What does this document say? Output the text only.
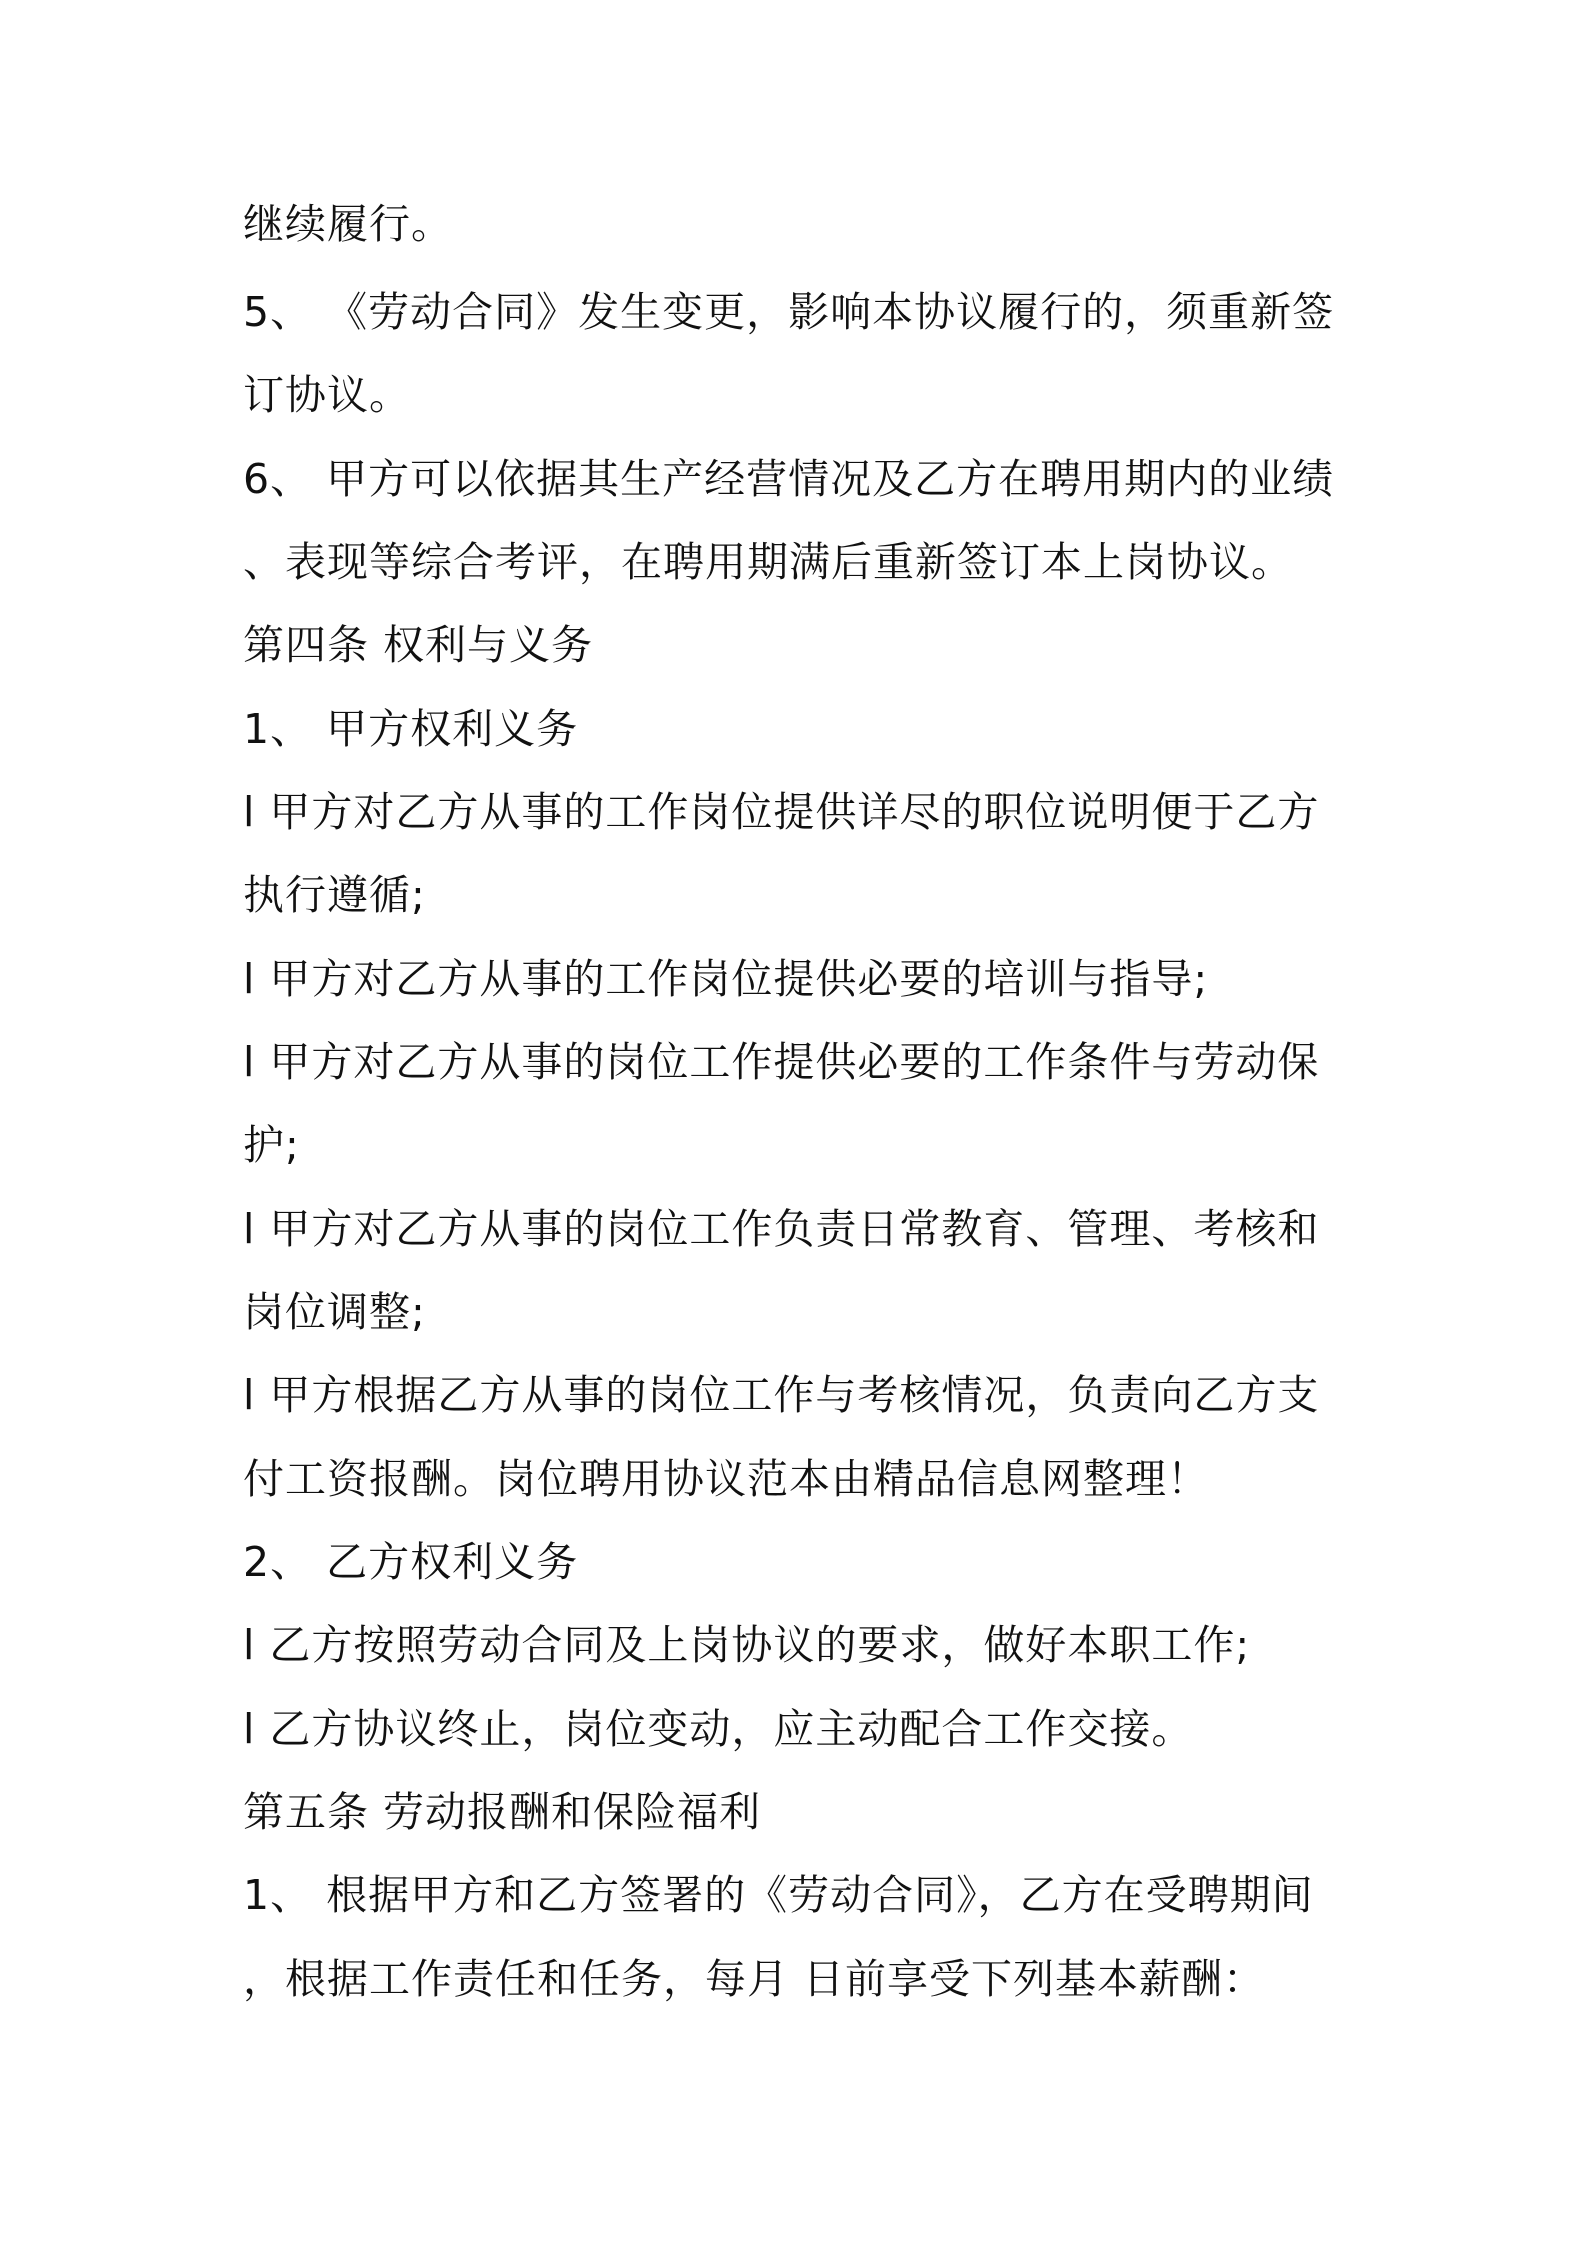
继续履行。
5、 《劳动合同》发生变更，影响本协议履行的，须重新签
订协议。
6、 甲方可以依据其生产经营情况及乙方在聘用期内的业绩
、表现等综合考评，在聘用期满后重新签订本上岗协议。
第四条 权利与义务
1、 甲方权利义务
l 甲方对乙方从事的工作岗位提供详尽的职位说明便于乙方
执行遵循;
l 甲方对乙方从事的工作岗位提供必要的培训与指导;
l 甲方对乙方从事的岗位工作提供必要的工作条件与劳动保
护;
l 甲方对乙方从事的岗位工作负责日常教育、管理、考核和
岗位调整;
l 甲方根据乙方从事的岗位工作与考核情况，负责向乙方支
付工资报酬。岗位聘用协议范本由精品信息网整理！
2、 乙方权利义务
l 乙方按照劳动合同及上岗协议的要求，做好本职工作;
l 乙方协议终止，岗位变动，应主动配合工作交接。
第五条 劳动报酬和保险福利
1、 根据甲方和乙方签署的《劳动合同》，乙方在受聘期间
，根据工作责任和任务，每月 日前享受下列基本薪酬：
